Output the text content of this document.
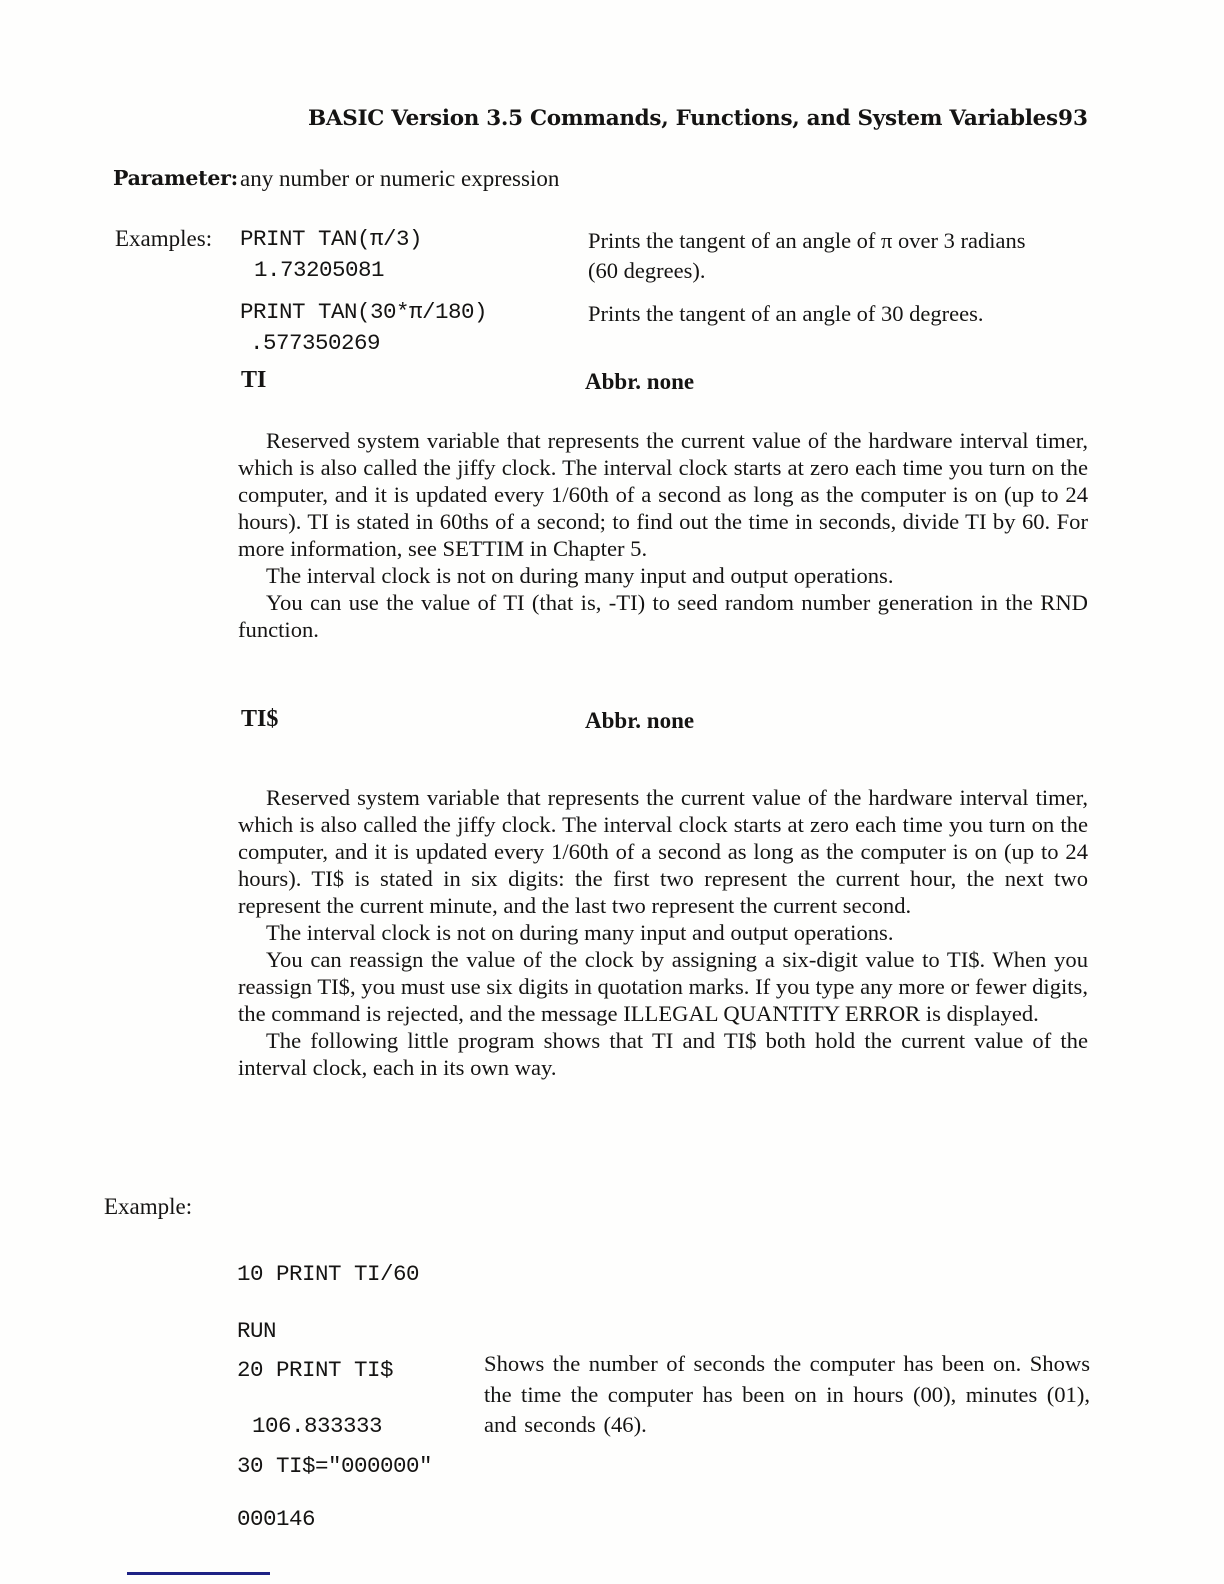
BASIC Version 3.5 Commands, Functions, and System Variables 93
Parameter: any number or numeric expression
Examples: PRINT TAN(π/3)
1.73205081
Prints the tangent of an angle of π over 3 radians (60 degrees).
PRINT TAN(30*π/180)
.577350269
Prints the tangent of an angle of 30 degrees.
TI	Abbr. none

Reserved system variable that represents the current value of the hardware interval timer, which is also called the jiffy clock. The interval clock starts at zero each time you turn on the computer, and it is updated every 1/60th of a second as long as the computer is on (up to 24 hours). TI is stated in 60ths of a second; to find out the time in seconds, divide TI by 60. For more information, see SETTIM in Chapter 5.

The interval clock is not on during many input and output operations.

You can use the value of TI (that is, -TI) to seed random number generation in the RND function.

TI$	Abbr. none

Reserved system variable that represents the current value of the hardware interval timer, which is also called the jiffy clock. The interval clock starts at zero each time you turn on the computer, and it is updated every 1/60th of a second as long as the computer is on (up to 24 hours). TI$ is stated in six digits: the first two represent the current hour, the next two represent the current minute, and the last two represent the current second.

The interval clock is not on during many input and output operations.

You can reassign the value of the clock by assigning a six-digit value to TI$. When you reassign TI$, you must use six digits in quotation marks. If you type any more or fewer digits, the command is rejected, and the message ILLEGAL QUANTITY ERROR is displayed.

The following little program shows that TI and TI$ both hold the current value of the interval clock, each in its own way.

Example:

10 PRINT TI/60

20 PRINT TI$

30 TI$="000000"

RUN

106.833333

000146

Shows the number of seconds the computer has been on. Shows the time the computer has been on in hours (00), minutes (01), and seconds (46).
